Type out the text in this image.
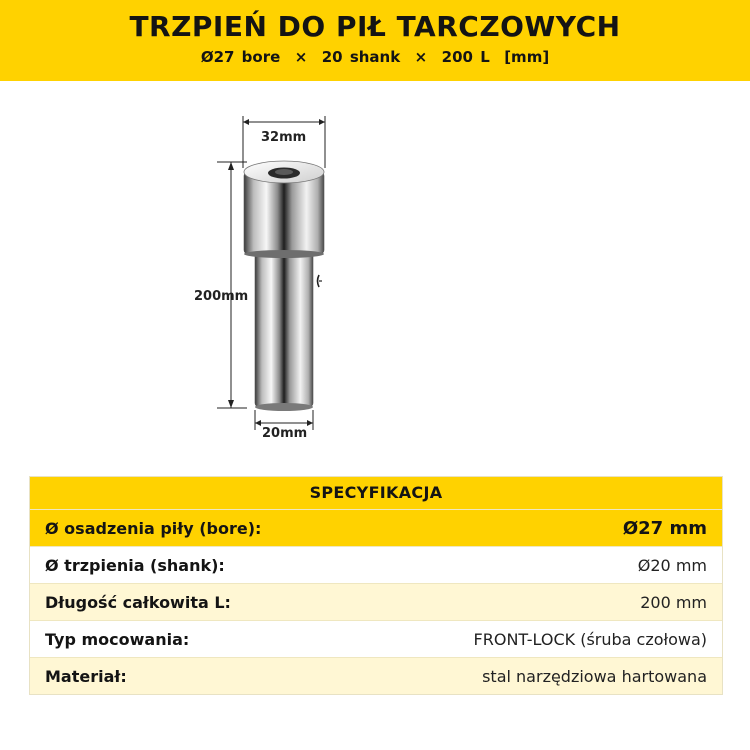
TRZPIEŃ DO PIŁ TARCZOWYCH
Ø27 bore  ×  20 shank  ×  200 L  [mm]
32mm
200mm
20mm
SPECYFIKACJA
Ø osadzenia piły (bore):	Ø27 mm
Ø trzpienia (shank):	Ø20 mm
Długość całkowita L:	200 mm
Typ mocowania:	FRONT-LOCK (śruba czołowa)
Materiał:	stal narzędziowa hartowana
